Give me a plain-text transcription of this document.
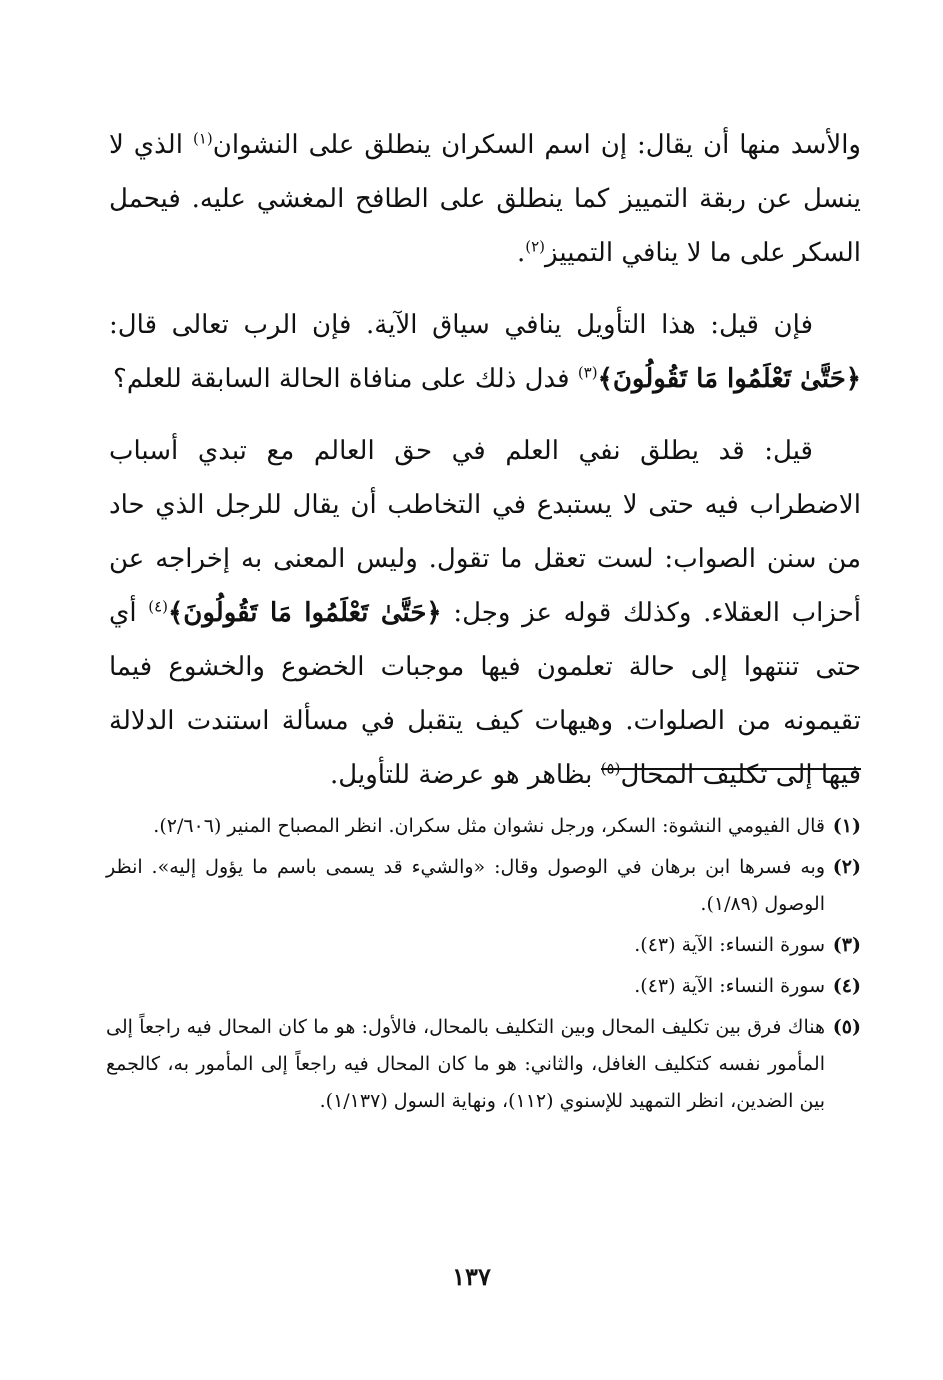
والأسد منها أن يقال: إن اسم السكران ينطلق على النشوان$^{(١)}$ الذي لا ينسل عن ربقة التمييز كما ينطلق على الطافح المغشي عليه. فيحمل السكر على ما لا ينافي التمييز$^{(٢)}$.

فإن قيل: هذا التأويل ينافي سياق الآية. فإن الرب تعالى قال: ﴿حَتَّىٰ تَعْلَمُوا مَا تَقُولُونَ﴾$^{(٣)}$ فدل ذلك على منافاة الحالة السابقة للعلم؟

قيل: قد يطلق نفي العلم في حق العالم مع تبدي أسباب الاضطراب فيه حتى لا يستبدع في التخاطب أن يقال للرجل الذي حاد من سنن الصواب: لست تعقل ما تقول. وليس المعنى به إخراجه عن أحزاب العقلاء. وكذلك قوله عز وجل: ﴿حَتَّىٰ تَعْلَمُوا مَا تَقُولُونَ﴾$^{(٤)}$ أي حتى تنتهوا إلى حالة تعلمون فيها موجبات الخضوع والخشوع فيما تقيمونه من الصلوات. وهيهات كيف يتقبل في مسألة استندت الدلالة فيها إلى تكليف المحال$^{(٥)}$ بظاهر هو عرضة للتأويل.

(١)
قال الفيومي النشوة: السكر، ورجل نشوان مثل سكران. انظر المصباح المنير (٢/٦٠٦).
(٢)
وبه فسرها ابن برهان في الوصول وقال: «والشيء قد يسمى باسم ما يؤول إليه». انظر الوصول (١/٨٩).
(٣)
سورة النساء: الآية (٤٣).
(٤)
سورة النساء: الآية (٤٣).
(٥)
هناك فرق بين تكليف المحال وبين التكليف بالمحال، فالأول: هو ما كان المحال فيه راجعاً إلى المأمور نفسه كتكليف الغافل، والثاني: هو ما كان المحال فيه راجعاً إلى المأمور به، كالجمع بين الضدين، انظر التمهيد للإسنوي (١١٢)، ونهاية السول (١/١٣٧).
١٣٧
